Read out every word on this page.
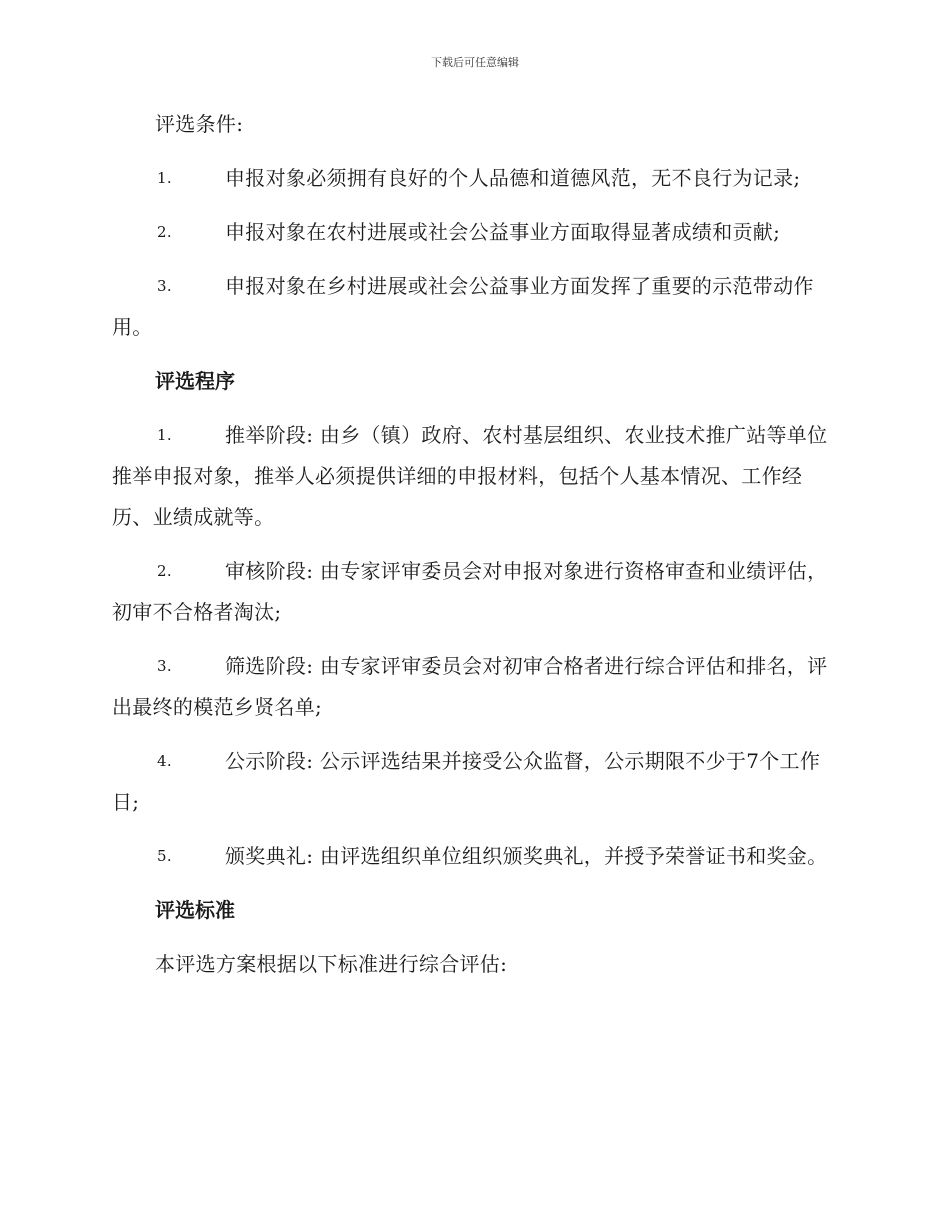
下载后可任意编辑

评选条件:

1.	申报对象必须拥有良好的个人品德和道德风范，无不良行为记录;

2.	申报对象在农村进展或社会公益事业方面取得显著成绩和贡献;

3.	申报对象在乡村进展或社会公益事业方面发挥了重要的示范带动作用。

评选程序

1.	推举阶段: 由乡（镇）政府、农村基层组织、农业技术推广站等单位推举申报对象，推举人必须提供详细的申报材料，包括个人基本情况、工作经历、业绩成就等。

2.	审核阶段: 由专家评审委员会对申报对象进行资格审查和业绩评估，初审不合格者淘汰;

3.	筛选阶段: 由专家评审委员会对初审合格者进行综合评估和排名，评出最终的模范乡贤名单;

4.	公示阶段: 公示评选结果并接受公众监督，公示期限不少于7个工作日;

5.	颁奖典礼: 由评选组织单位组织颁奖典礼，并授予荣誉证书和奖金。

评选标准

本评选方案根据以下标准进行综合评估:
